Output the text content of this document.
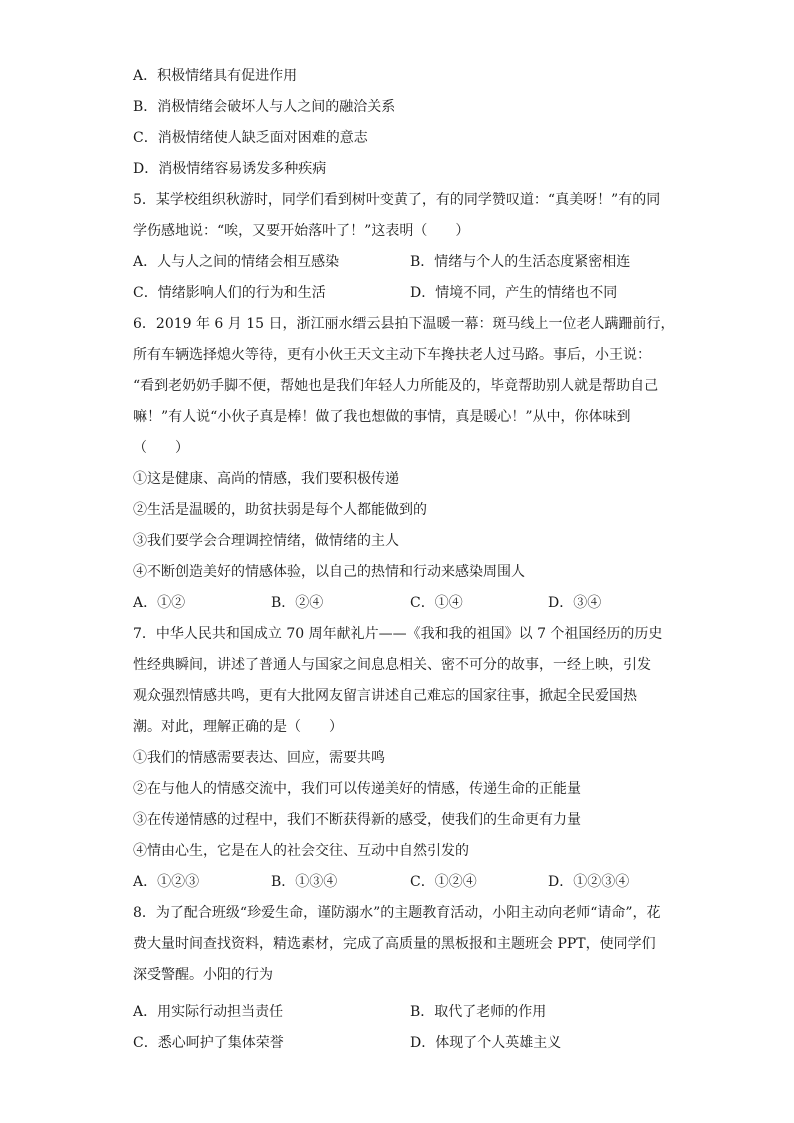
A．积极情绪具有促进作用
B．消极情绪会破坏人与人之间的融洽关系
C．消极情绪使人缺乏面对困难的意志
D．消极情绪容易诱发多种疾病
5．某学校组织秋游时，同学们看到树叶变黄了，有的同学赞叹道：“真美呀！”有的同
学伤感地说：“唉，又要开始落叶了！”这表明（　　）
A．人与人之间的情绪会相互感染	B．情绪与个人的生活态度紧密相连
C．情绪影响人们的行为和生活	D．情境不同，产生的情绪也不同
6．2019 年 6 月 15 日，浙江丽水缙云县拍下温暖一幕：斑马线上一位老人蹒跚前行，
所有车辆选择熄火等待，更有小伙王天文主动下车搀扶老人过马路。事后，小王说：
“看到老奶奶手脚不便，帮她也是我们年轻人力所能及的，毕竟帮助别人就是帮助自己
嘛！”有人说“小伙子真是棒！做了我也想做的事情，真是暖心！”从中，你体味到
（　　）
①这是健康、高尚的情感，我们要积极传递
②生活是温暖的，助贫扶弱是每个人都能做到的
③我们要学会合理调控情绪，做情绪的主人
④不断创造美好的情感体验，以自己的热情和行动来感染周围人
A．①②	B．②④	C．①④	D．③④
7．中华人民共和国成立 70 周年献礼片——《我和我的祖国》以 7 个祖国经历的历史
性经典瞬间，讲述了普通人与国家之间息息相关、密不可分的故事，一经上映，引发
观众强烈情感共鸣，更有大批网友留言讲述自己难忘的国家往事，掀起全民爱国热
潮。对此，理解正确的是（　　）
①我们的情感需要表达、回应，需要共鸣
②在与他人的情感交流中，我们可以传递美好的情感，传递生命的正能量
③在传递情感的过程中，我们不断获得新的感受，使我们的生命更有力量
④情由心生，它是在人的社会交往、互动中自然引发的
A．①②③	B．①③④	C．①②④	D．①②③④
8．为了配合班级“珍爱生命，谨防溺水”的主题教育活动，小阳主动向老师“请命”，花
费大量时间查找资料，精选素材，完成了高质量的黑板报和主题班会 PPT，使同学们
深受警醒。小阳的行为
A．用实际行动担当责任	B．取代了老师的作用
C．悉心呵护了集体荣誉	D．体现了个人英雄主义
